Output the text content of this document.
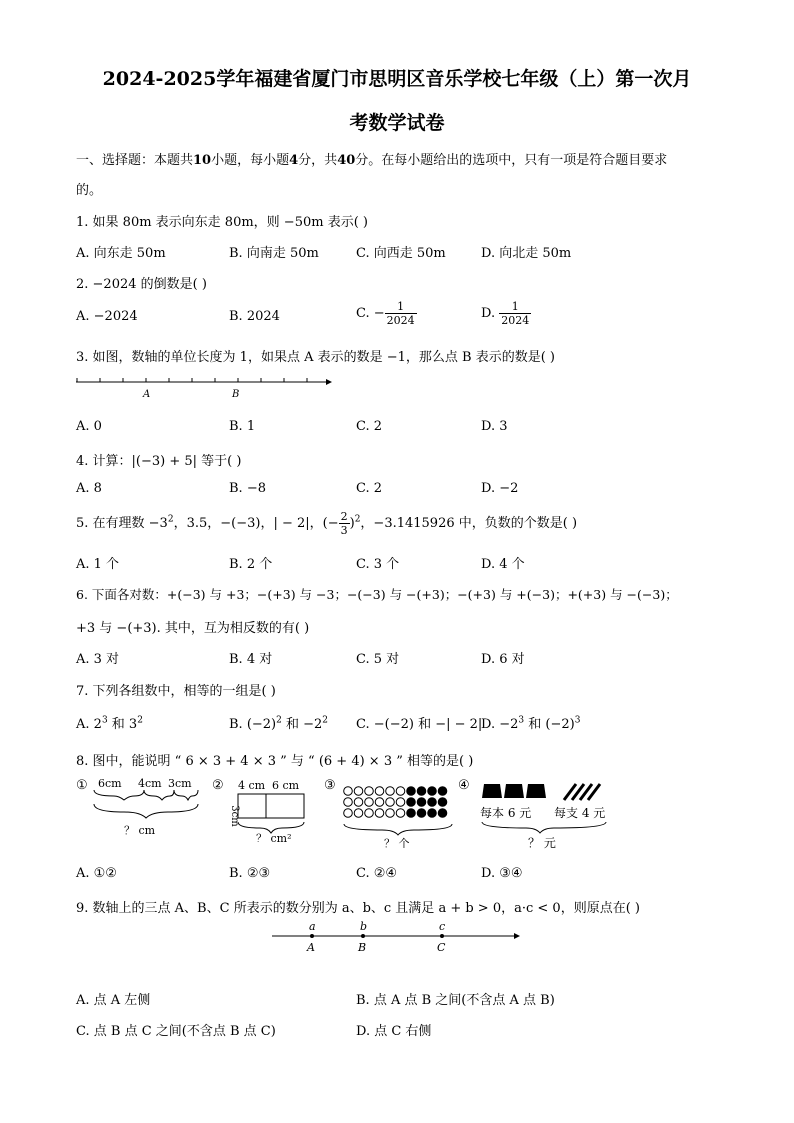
2024-2025学年福建省厦门市思明区音乐学校七年级（上）第一次月
考数学试卷
一、选择题：本题共10小题，每小题4分，共40分。在每小题给出的选项中，只有一项是符合题目要求
的。
1. 如果 80m 表示向东走 80m，则 −50m 表示( )
A. 向东走 50m	B. 向南走 50m	C. 向西走 50m	D. 向北走 50m
2. −2024 的倒数是( )
A. −2024	B. 2024	C. − $\frac{1}{2024}$	D. $\frac{1}{2024}$
3. 如图，数轴的单位长度为 1，如果点 A 表示的数是 −1，那么点 B 表示的数是( )
A	B
A. 0	B. 1	C. 2	D. 3
4. 计算：|(−3) + 5| 等于( )
A. 8	B. −8	C. 2	D. −2
5. 在有理数 $-3^2$，3.5，−(−3)，| − 2|，(− $\frac{2}{3} )^2$，−3.1415926 中，负数的个数是( )
A. 1 个	B. 2 个	C. 3 个	D. 4 个
6. 下面各对数：+(−3) 与 +3；−(+3) 与 −3；−(−3) 与 −(+3)；−(+3) 与 +(−3)；+(+3) 与 −(−3)；
+3 与 −(+3). 其中，互为相反数的有( )
A. 3 对	B. 4 对	C. 5 对	D. 6 对
7. 下列各组数中，相等的一组是( )
A. $2^3$ 和 $3^2$	B. $(-2)^2$ 和 $-2^2$ C. −(−2) 和 −| − 2|
D. $-2^3$ 和 $(-2)^3$
8. 图中，能说明 “ 6 × 3 + 4 × 3 ” 与 “ (6 + 4) × 3 ” 相等的是( )
① 6cm 4cm 3cm
？ cm
② 4 cm 6 cm
3cm
？ cm²
③
？ 个
④
每本 6 元 每支 4 元
？ 元
A. ①②	B. ②③	C. ②④	D. ③④
9. 数轴上的三点 A、B、C 所表示的数分别为 a、b、c 且满足 a + b > 0，a·c < 0，则原点在( )
a	b	c
A	B	C
A. 点 A 左侧	B. 点 A 点 B 之间(不含点 A 点 B)
C. 点 B 点 C 之间(不含点 B 点 C)	D. 点 C 右侧
